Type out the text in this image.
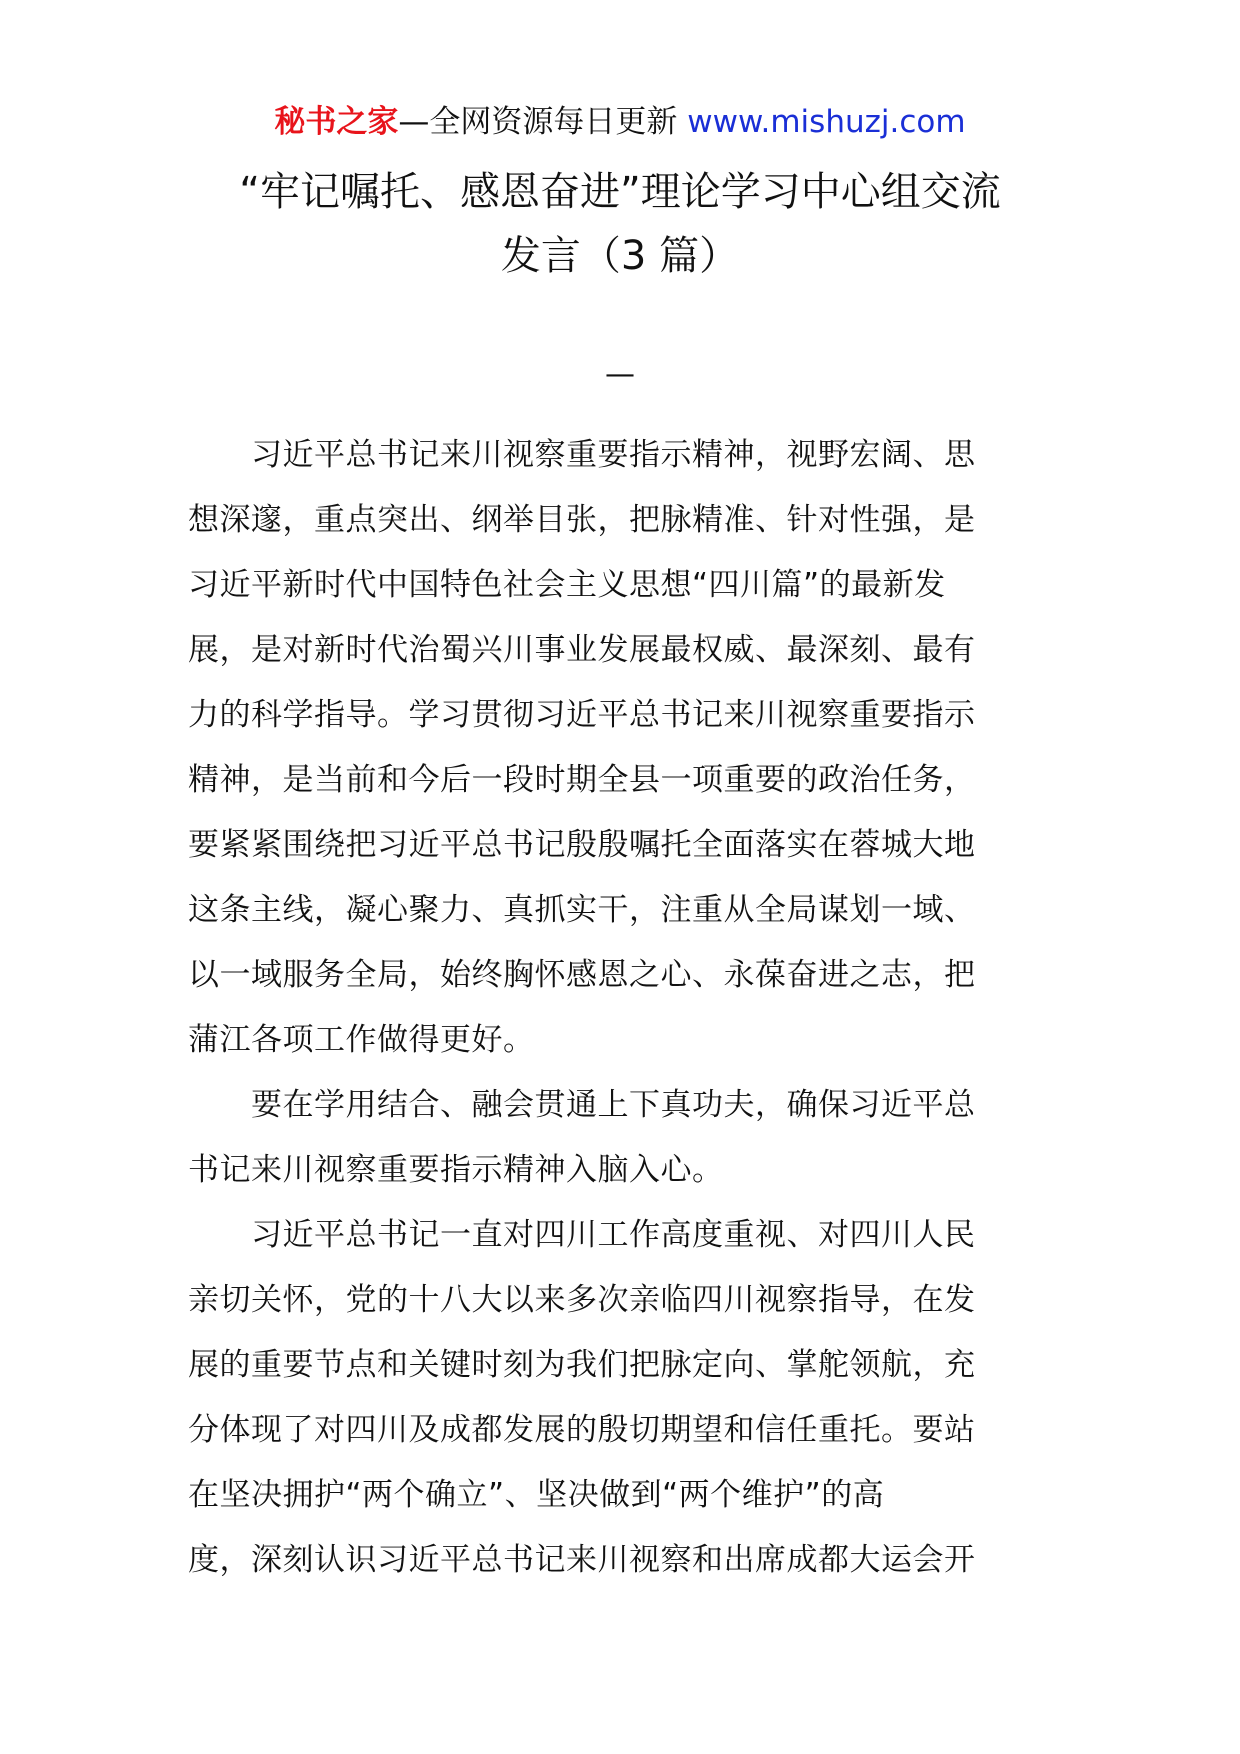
秘书之家—全网资源每日更新 www.mishuzj.com
“牢记嘱托、感恩奋进”理论学习中心组交流
发言（3 篇）
—

　　习近平总书记来川视察重要指示精神，视野宏阔、思
想深邃，重点突出、纲举目张，把脉精准、针对性强，是
习近平新时代中国特色社会主义思想“四川篇”的最新发
展，是对新时代治蜀兴川事业发展最权威、最深刻、最有
力的科学指导。学习贯彻习近平总书记来川视察重要指示
精神，是当前和今后一段时期全县一项重要的政治任务，
要紧紧围绕把习近平总书记殷殷嘱托全面落实在蓉城大地
这条主线，凝心聚力、真抓实干，注重从全局谋划一域、
以一域服务全局，始终胸怀感恩之心、永葆奋进之志，把
蒲江各项工作做得更好。

　　要在学用结合、融会贯通上下真功夫，确保习近平总
书记来川视察重要指示精神入脑入心。

　　习近平总书记一直对四川工作高度重视、对四川人民
亲切关怀，党的十八大以来多次亲临四川视察指导，在发
展的重要节点和关键时刻为我们把脉定向、掌舵领航，充
分体现了对四川及成都发展的殷切期望和信任重托。要站
在坚决拥护“两个确立”、坚决做到“两个维护”的高
度，深刻认识习近平总书记来川视察和出席成都大运会开
